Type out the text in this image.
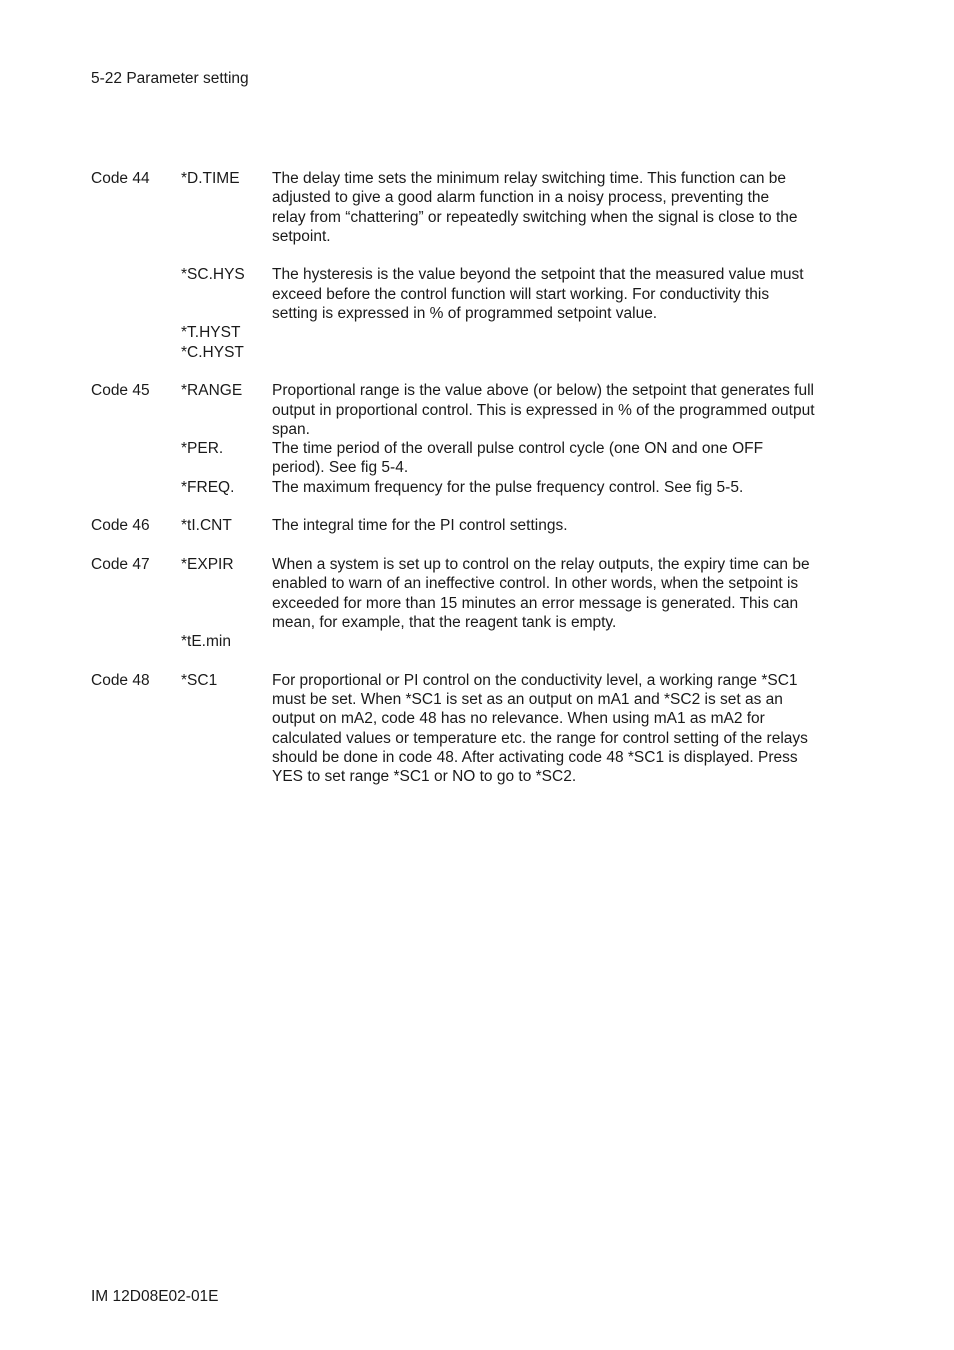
5-22 Parameter setting
Code 44 *D.TIME The delay time sets the minimum relay switching time. This function can be
adjusted to give a good alarm function in a noisy process, preventing the
relay from “chattering” or repeatedly switching when the signal is close to the
setpoint.
*SC.HYS The hysteresis is the value beyond the setpoint that the measured value must
exceed before the control function will start working. For conductivity this
setting is expressed in % of programmed setpoint value.
*T.HYST
*C.HYST
Code 45 *RANGE Proportional range is the value above (or below) the setpoint that generates full
output in proportional control. This is expressed in % of the programmed output
span.
*PER.	The time period of the overall pulse control cycle (one ON and one OFF
period). See fig 5-4.
*FREQ. The maximum frequency for the pulse frequency control. See fig 5-5.
Code 46 *tI.CNT	The integral time for the PI control settings.
Code 47 *EXPIR When a system is set up to control on the relay outputs, the expiry time can be
enabled to warn of an ineffective control. In other words, when the setpoint is
exceeded for more than 15 minutes an error message is generated. This can
mean, for example, that the reagent tank is empty.
*tE.min
Code 48 *SC1	For proportional or PI control on the conductivity level, a working range *SC1
must be set. When *SC1 is set as an output on mA1 and *SC2 is set as an
output on mA2, code 48 has no relevance. When using mA1 as mA2 for
calculated values or temperature etc. the range for control setting of the relays
should be done in code 48. After activating code 48 *SC1 is displayed. Press
YES to set range *SC1 or NO to go to *SC2.
IM 12D08E02-01E
